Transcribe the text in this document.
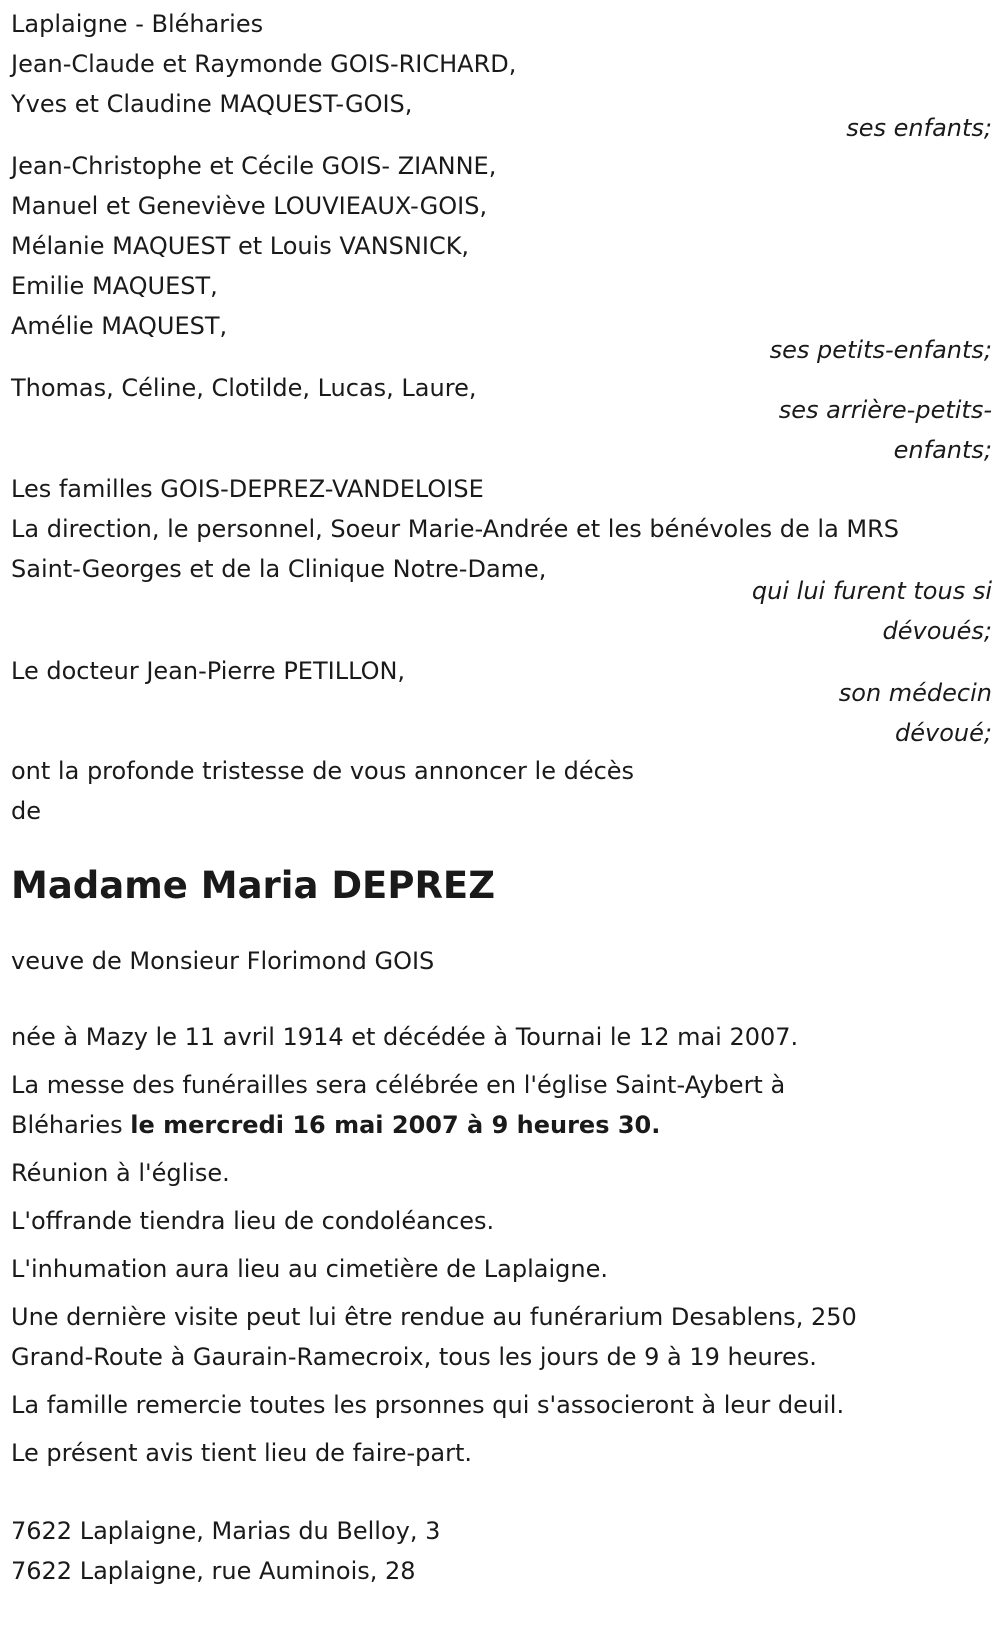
Laplaigne - Bléharies
Jean-Claude et Raymonde GOIS-RICHARD,
Yves et Claudine MAQUEST-GOIS,
ses enfants;
Jean-Christophe et Cécile GOIS- ZIANNE,
Manuel et Geneviève LOUVIEAUX-GOIS,
Mélanie MAQUEST et Louis VANSNICK,
Emilie MAQUEST,
Amélie MAQUEST,
ses petits-enfants;
Thomas, Céline, Clotilde, Lucas, Laure,
ses arrière-petits-
enfants;
Les familles GOIS-DEPREZ-VANDELOISE
La direction, le personnel, Soeur Marie-Andrée et les bénévoles de la MRS
Saint-Georges et de la Clinique Notre-Dame,
qui lui furent tous si
dévoués;
Le docteur Jean-Pierre PETILLON,
son médecin
dévoué;
ont la profonde tristesse de vous annoncer le décès
de
Madame Maria DEPREZ
veuve de Monsieur Florimond GOIS
née à Mazy le 11 avril 1914 et décédée à Tournai le 12 mai 2007.
La messe des funérailles sera célébrée en l'église Saint-Aybert à
Bléharies le mercredi 16 mai 2007 à 9 heures 30.
Réunion à l'église.
L'offrande tiendra lieu de condoléances.
L'inhumation aura lieu au cimetière de Laplaigne.
Une dernière visite peut lui être rendue au funérarium Desablens, 250
Grand-Route à Gaurain-Ramecroix, tous les jours de 9 à 19 heures.
La famille remercie toutes les prsonnes qui s'associeront à leur deuil.
Le présent avis tient lieu de faire-part.
7622 Laplaigne, Marias du Belloy, 3
7622 Laplaigne, rue Auminois, 28
